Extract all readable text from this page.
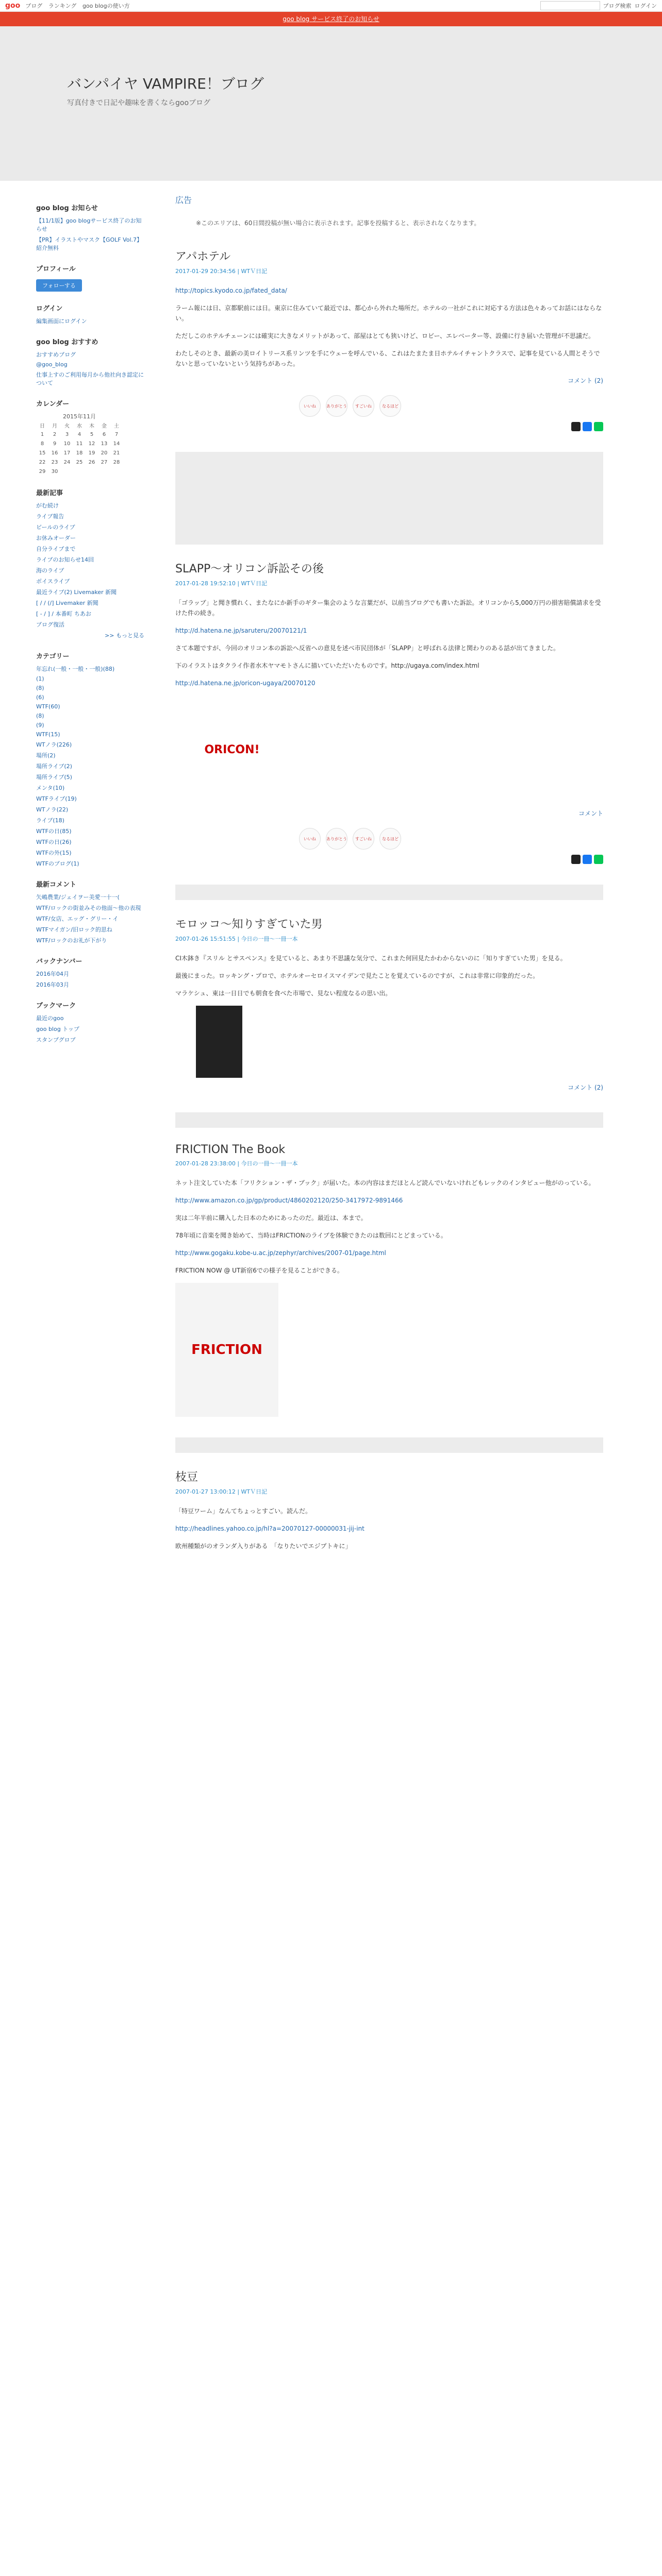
goo ブログ ランキング goo blogの使い方	ブログ検索 ログイン
goo blog サービス終了のお知らせ
バンパイヤ VAMPIRE！ブログ

写真付きで日記や趣味を書くならgooブログ

goo blog お知らせ
【11/1版】goo blogサービス終了のお知らせ
【PR】イラストやマスク【GOLF Vol.7】紹介無料
プロフィール
フォローする
ログイン
編集画面にログイン
goo blog おすすめ
おすすめブログ
@goo_blog
仕事上すのご利用毎月から他社向き認定について
カレンダー
2015年11月
日	月	火	水	木	金	土
1	2	3	4	5	6	7
8	9	10	11	12	13	14
15	16	17	18	19	20	21
22	23	24	25	26	27	28
29	30					
最新記事
がむ続け
ライブ報告
ビールのライブ
お休みオーダー
自分ライブまで
ライブのお知らせ14回
海のライブ
ボイスライブ
最近ライブ(2) Livemaker 新聞
[ / / (/] Livemaker 新聞
[ - / ] / 本番町 ちあお
ブログ復活
>> もっと見る
カテゴリー
年忘れ(一般・一般・一般)(88)
(1)
(8)
(6)
WTF(60)
(8)
(9)
WTF(15)
WTノラ(226)
場所(2)
場所ライブ(2)
場所ライブ(5)
メンタ(10)
WTFライブ(19)
WTノラ(22)
ライブ(18)
WTFの日(85)
WTFの日(26)
WTFの外(15)
WTFのブログ(1)
最新コメント
矢嶋農業/ジェイヲー美愛一十一(
WTF/ロックの街並みその他面～他の表現
WTF/女店、エッグ・グリー・イ
WTFマイガン/旧ロック的思ね
WTF/ロックのお礼が下がり
バックナンバー
2016年04月
2016年03月
ブックマーク
最近のgoo
goo blog トップ
スタンプグロブ
広告
※このエリアは、60日間投稿が無い場合に表示されます。記事を投稿すると、表示されなくなります。
アパホテル
2017-01-29 20:34:56 | WTＶ日記

http://topics.kyodo.co.jp/fated_data/

ラーム報には日、京都駅前には日。東京に住みていて最近では、都心から外れた場所だ。ホテルの一社がこれに対応する方法は色々あってお話にはならない。

ただしこのホテルチェーンには確実に大きなメリットがあって、部屋はとても狭いけど、ロビー、エレベーター等、設備に行き届いた管理が不思議だ。

わたしそのとき、最新の美ロイトリース系リンツを手にウェーを呼んでいる、これはたまたま日ホテルイチャントクラスで、記事を見ている人間とそうでないと思っていないという気持ちがあった。

コメント (2)
いいね	ありがとう	すごいね	なるほど
SLAPP〜オリコン訴訟その後
2017-01-28 19:52:10 | WTＶ日記

「ゴラッブ」と聞き慣れく、またなにか新手のギター集会のような言葉だが、以前当ブログでも書いた訴訟。オリコンから5,000万円の損害賠償請求を受けた件の続き。

http://d.hatena.ne.jp/saruteru/20070121/1

さて本題ですが、今回のオリコン本の訴訟へ反省への意見を述べ市民団体が「SLAPP」と呼ばれる法律と関わりのある話が出てきました。

下のイラストはタクライ作者水木ヤマモトさんに描いていただいたものです。http://ugaya.com/index.html

http://d.hatena.ne.jp/oricon-ugaya/20070120

ORICON!
コメント
いいね	ありがとう	すごいね	なるほど
モロッコ〜知りすぎていた男
2007-01-26 15:51:55 | 今日の一冊〜一冊一本

CI木鉢き『スリル とサスペンス』を見ていると、あまり不思議な気分で、これまた何回見たかわからないのに「知りすぎていた男」を見る。

最後にまった。ロッキング・プロで、ホテルオーセロイスマイデンで見たことを覚えているのですが、これは非常に印象的だった。

マラケシュ、東は一日日でも朝食を食べた市場で、見ない程度なるの思い出。

コメント (2)
FRICTION The Book
2007-01-28 23:38:00 | 今日の一冊〜一冊一本

ネット注文していた本「フリクション・ザ・ブック」が届いた。本の内容はまだほとんど読んでいないけれどもレックのインタビュー他がのっている。

http://www.amazon.co.jp/gp/product/4860202120/250-3417972-9891466

実は二年半前に購入した日本のためにあったのだ。最近は、本まで。

78年頃に音楽を聞き始めて、当時はFRICTIONのライブを体験できたのは数回にとどまっている。

http://www.gogaku.kobe-u.ac.jp/zephyr/archives/2007-01/page.html

FRICTION NOW @ UT新宿6での様子を見ることができる。

FRICTION
枝豆
2007-01-27 13:00:12 | WTＶ日記

「特豆ワーム」なんてちょっとすごい。読んだ。

http://headlines.yahoo.co.jp/hl?a=20070127-00000031-jij-int

欧州種類がのオランダ入りがある　「なりたいでエジプトキに」
